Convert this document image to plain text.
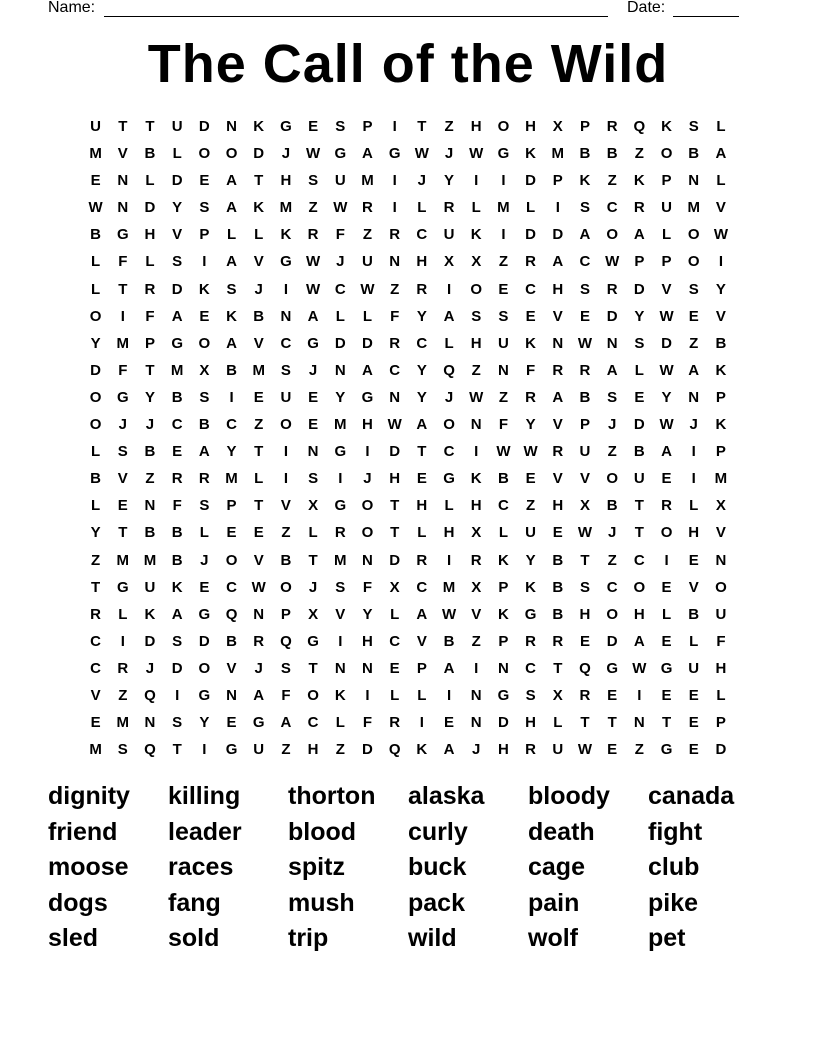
Name:	Date:
The Call of the Wild
U	T	T	U	D	N	K	G	E	S	P	I	T	Z	H	O	H	X	P	R	Q	K	S	L
M	V	B	L	O	O	D	J	W G	A	G W	J	W G	K	M	B	B	Z	O	B	A
E	N	L	D	E	A	T	H	S	U	M	I	J	Y	I	I	D	P	K	Z	K	P	N	L
W N	D	Y	S	A	K	M	Z	W R	I	L	R	L	M	L	I	S	C	R	U	M	V
B	G	H	V	P	L	L	K	R	F	Z	R	C	U	K	I	D	D	A	O	A	L	O W
L	F	L	S	I	A	V	G W	J	U	N	H	X	X	Z	R	A	C W	P	P	O	I
L	T	R	D	K	S	J	I	W C W	Z	R	I	O	E	C	H	S	R	D	V	S	Y
O	I	F	A	E	K	B	N	A	L	L	F	Y	A	S	S	E	V	E	D	Y	W	E	V
Y	M	P	G	O	A	V	C	G	D	D	R	C	L	H	U	K	N W N	S	D	Z	B
D	F	T	M	X	B	M	S	J	N	A	C	Y	Q	Z	N	F	R	R	A	L	W A	K
O	G	Y	B	S	I	E	U	E	Y	G	N	Y	J	W	Z	R	A	B	S	E	Y	N	P
O	J	J	C	B	C	Z	O	E	M	H W A	O	N	F	Y	V	P	J	D W	J	K
L	S	B	E	A	Y	T	I	N	G	I	D	T	C	I	W W R	U	Z	B	A	I	P
B	V	Z	R	R	M	L	I	S	I	J	H	E	G	K	B	E	V	V	O	U	E	I	M
L	E	N	F	S	P	T	V	X	G	O	T	H	L	H	C	Z	H	X	B	T	R	L	X
Y	T	B	B	L	E	E	Z	L	R	O	T	L	H	X	L	U	E	W	J	T	O	H	V
Z	M M	B	J	O	V	B	T	M	N	D	R	I	R	K	Y	B	T	Z	C	I	E	N
T	G	U	K	E	C W O	J	S	F	X	C	M	X	P	K	B	S	C	O	E	V	O
R	L	K	A	G	Q	N	P	X	V	Y	L	A W	V	K	G	B	H	O	H	L	B	U
C	I	D	S	D	B	R	Q	G	I	H	C	V	B	Z	P	R	R	E	D	A	E	L	F
C	R	J	D	O	V	J	S	T	N	N	E	P	A	I	N	C	T	Q	G W G	U	H
V	Z	Q	I	G	N	A	F	O	K	I	L	L	I	N	G	S	X	R	E	I	E	E	L
E	M	N	S	Y	E	G	A	C	L	F	R	I	E	N	D	H	L	T	T	N	T	E	P
M	S	Q	T	I	G	U	Z	H	Z	D	Q	K	A	J	H	R	U W	E	Z	G	E	D
dignity	killing	thorton	alaska	bloody	canada
friend	leader	blood	curly	death	fight
moose	races	spitz	buck	cage	club
dogs	fang	mush	pack	pain	pike
sled	sold	trip	wild	wolf	pet
